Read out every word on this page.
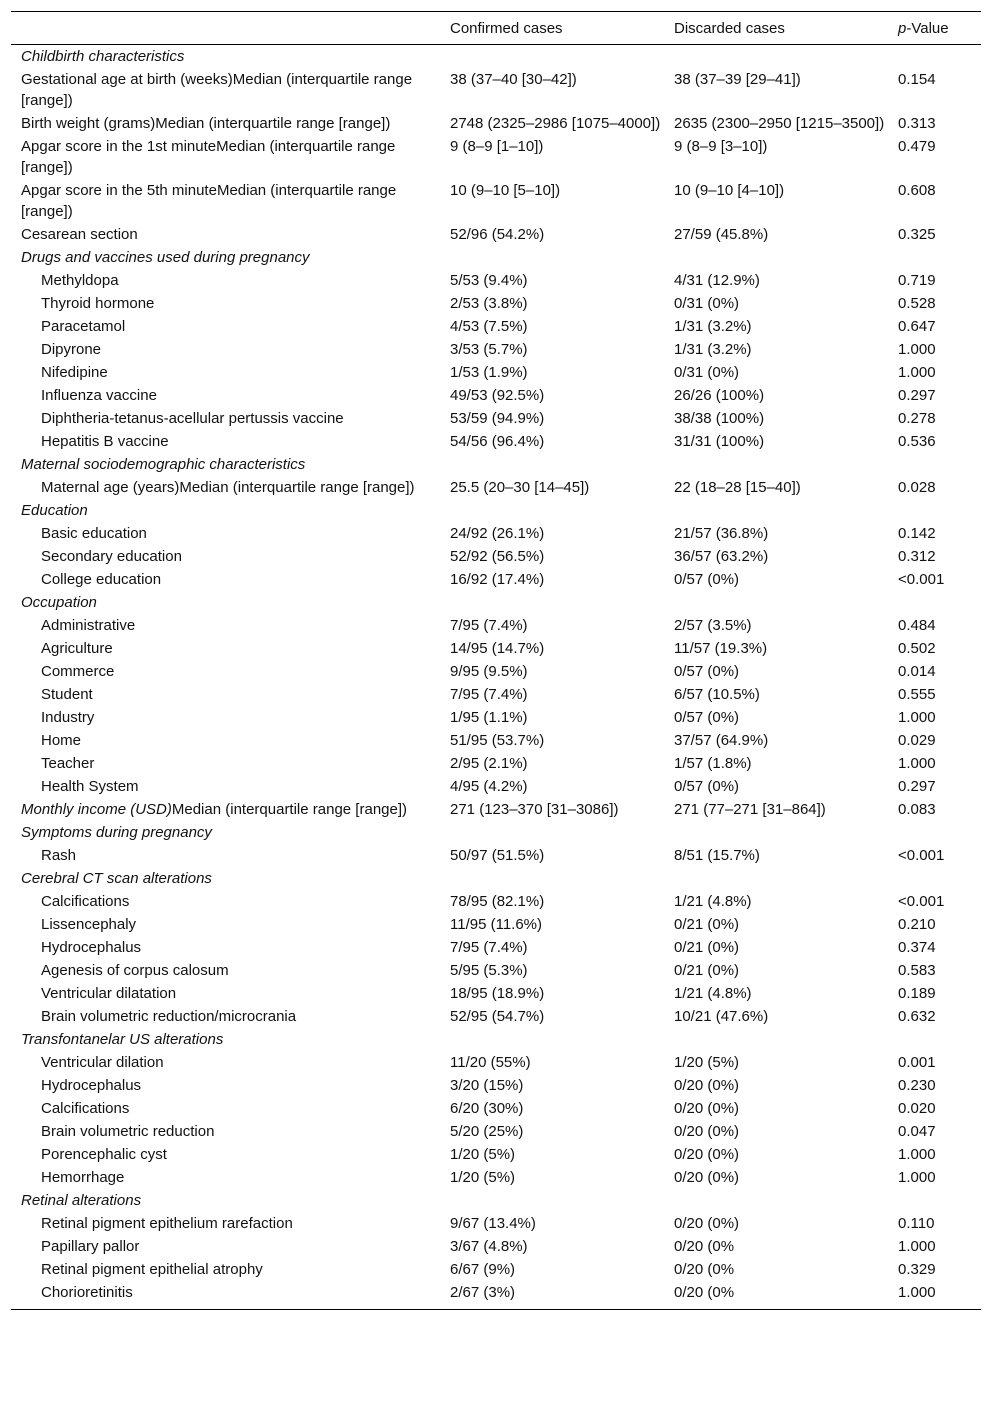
	Confirmed cases	Discarded cases	p-Value
Childbirth characteristics			
Gestational age at birth (weeks)Median (interquartile range [range])	38 (37–40 [30–42])	38 (37–39 [29–41])	0.154
Birth weight (grams)Median (interquartile range [range])	2748 (2325–2986 [1075–4000])	2635 (2300–2950 [1215–3500])	0.313
Apgar score in the 1st minuteMedian (interquartile range [range])	9 (8–9 [1–10])	9 (8–9 [3–10])	0.479
Apgar score in the 5th minuteMedian (interquartile range [range])	10 (9–10 [5–10])	10 (9–10 [4–10])	0.608
Cesarean section	52/96 (54.2%)	27/59 (45.8%)	0.325
Drugs and vaccines used during pregnancy			
Methyldopa	5/53 (9.4%)	4/31 (12.9%)	0.719
Thyroid hormone	2/53 (3.8%)	0/31 (0%)	0.528
Paracetamol	4/53 (7.5%)	1/31 (3.2%)	0.647
Dipyrone	3/53 (5.7%)	1/31 (3.2%)	1.000
Nifedipine	1/53 (1.9%)	0/31 (0%)	1.000
Influenza vaccine	49/53 (92.5%)	26/26 (100%)	0.297
Diphtheria-tetanus-acellular pertussis vaccine	53/59 (94.9%)	38/38 (100%)	0.278
Hepatitis B vaccine	54/56 (96.4%)	31/31 (100%)	0.536
Maternal sociodemographic characteristics			
Maternal age (years)Median (interquartile range [range])	25.5 (20–30 [14–45])	22 (18–28 [15–40])	0.028
Education			
Basic education	24/92 (26.1%)	21/57 (36.8%)	0.142
Secondary education	52/92 (56.5%)	36/57 (63.2%)	0.312
College education	16/92 (17.4%)	0/57 (0%)	<0.001
Occupation			
Administrative	7/95 (7.4%)	2/57 (3.5%)	0.484
Agriculture	14/95 (14.7%)	11/57 (19.3%)	0.502
Commerce	9/95 (9.5%)	0/57 (0%)	0.014
Student	7/95 (7.4%)	6/57 (10.5%)	0.555
Industry	1/95 (1.1%)	0/57 (0%)	1.000
Home	51/95 (53.7%)	37/57 (64.9%)	0.029
Teacher	2/95 (2.1%)	1/57 (1.8%)	1.000
Health System	4/95 (4.2%)	0/57 (0%)	0.297
Monthly income (USD)Median (interquartile range [range])	271 (123–370 [31–3086])	271 (77–271 [31–864])	0.083
Symptoms during pregnancy			
Rash	50/97 (51.5%)	8/51 (15.7%)	<0.001
Cerebral CT scan alterations			
Calcifications	78/95 (82.1%)	1/21 (4.8%)	<0.001
Lissencephaly	11/95 (11.6%)	0/21 (0%)	0.210
Hydrocephalus	7/95 (7.4%)	0/21 (0%)	0.374
Agenesis of corpus calosum	5/95 (5.3%)	0/21 (0%)	0.583
Ventricular dilatation	18/95 (18.9%)	1/21 (4.8%)	0.189
Brain volumetric reduction/microcrania	52/95 (54.7%)	10/21 (47.6%)	0.632
Transfontanelar US alterations			
Ventricular dilation	11/20 (55%)	1/20 (5%)	0.001
Hydrocephalus	3/20 (15%)	0/20 (0%)	0.230
Calcifications	6/20 (30%)	0/20 (0%)	0.020
Brain volumetric reduction	5/20 (25%)	0/20 (0%)	0.047
Porencephalic cyst	1/20 (5%)	0/20 (0%)	1.000
Hemorrhage	1/20 (5%)	0/20 (0%)	1.000
Retinal alterations			
Retinal pigment epithelium rarefaction	9/67 (13.4%)	0/20 (0%)	0.110
Papillary pallor	3/67 (4.8%)	0/20 (0%	1.000
Retinal pigment epithelial atrophy	6/67 (9%)	0/20 (0%	0.329
Chorioretinitis	2/67 (3%)	0/20 (0%	1.000
